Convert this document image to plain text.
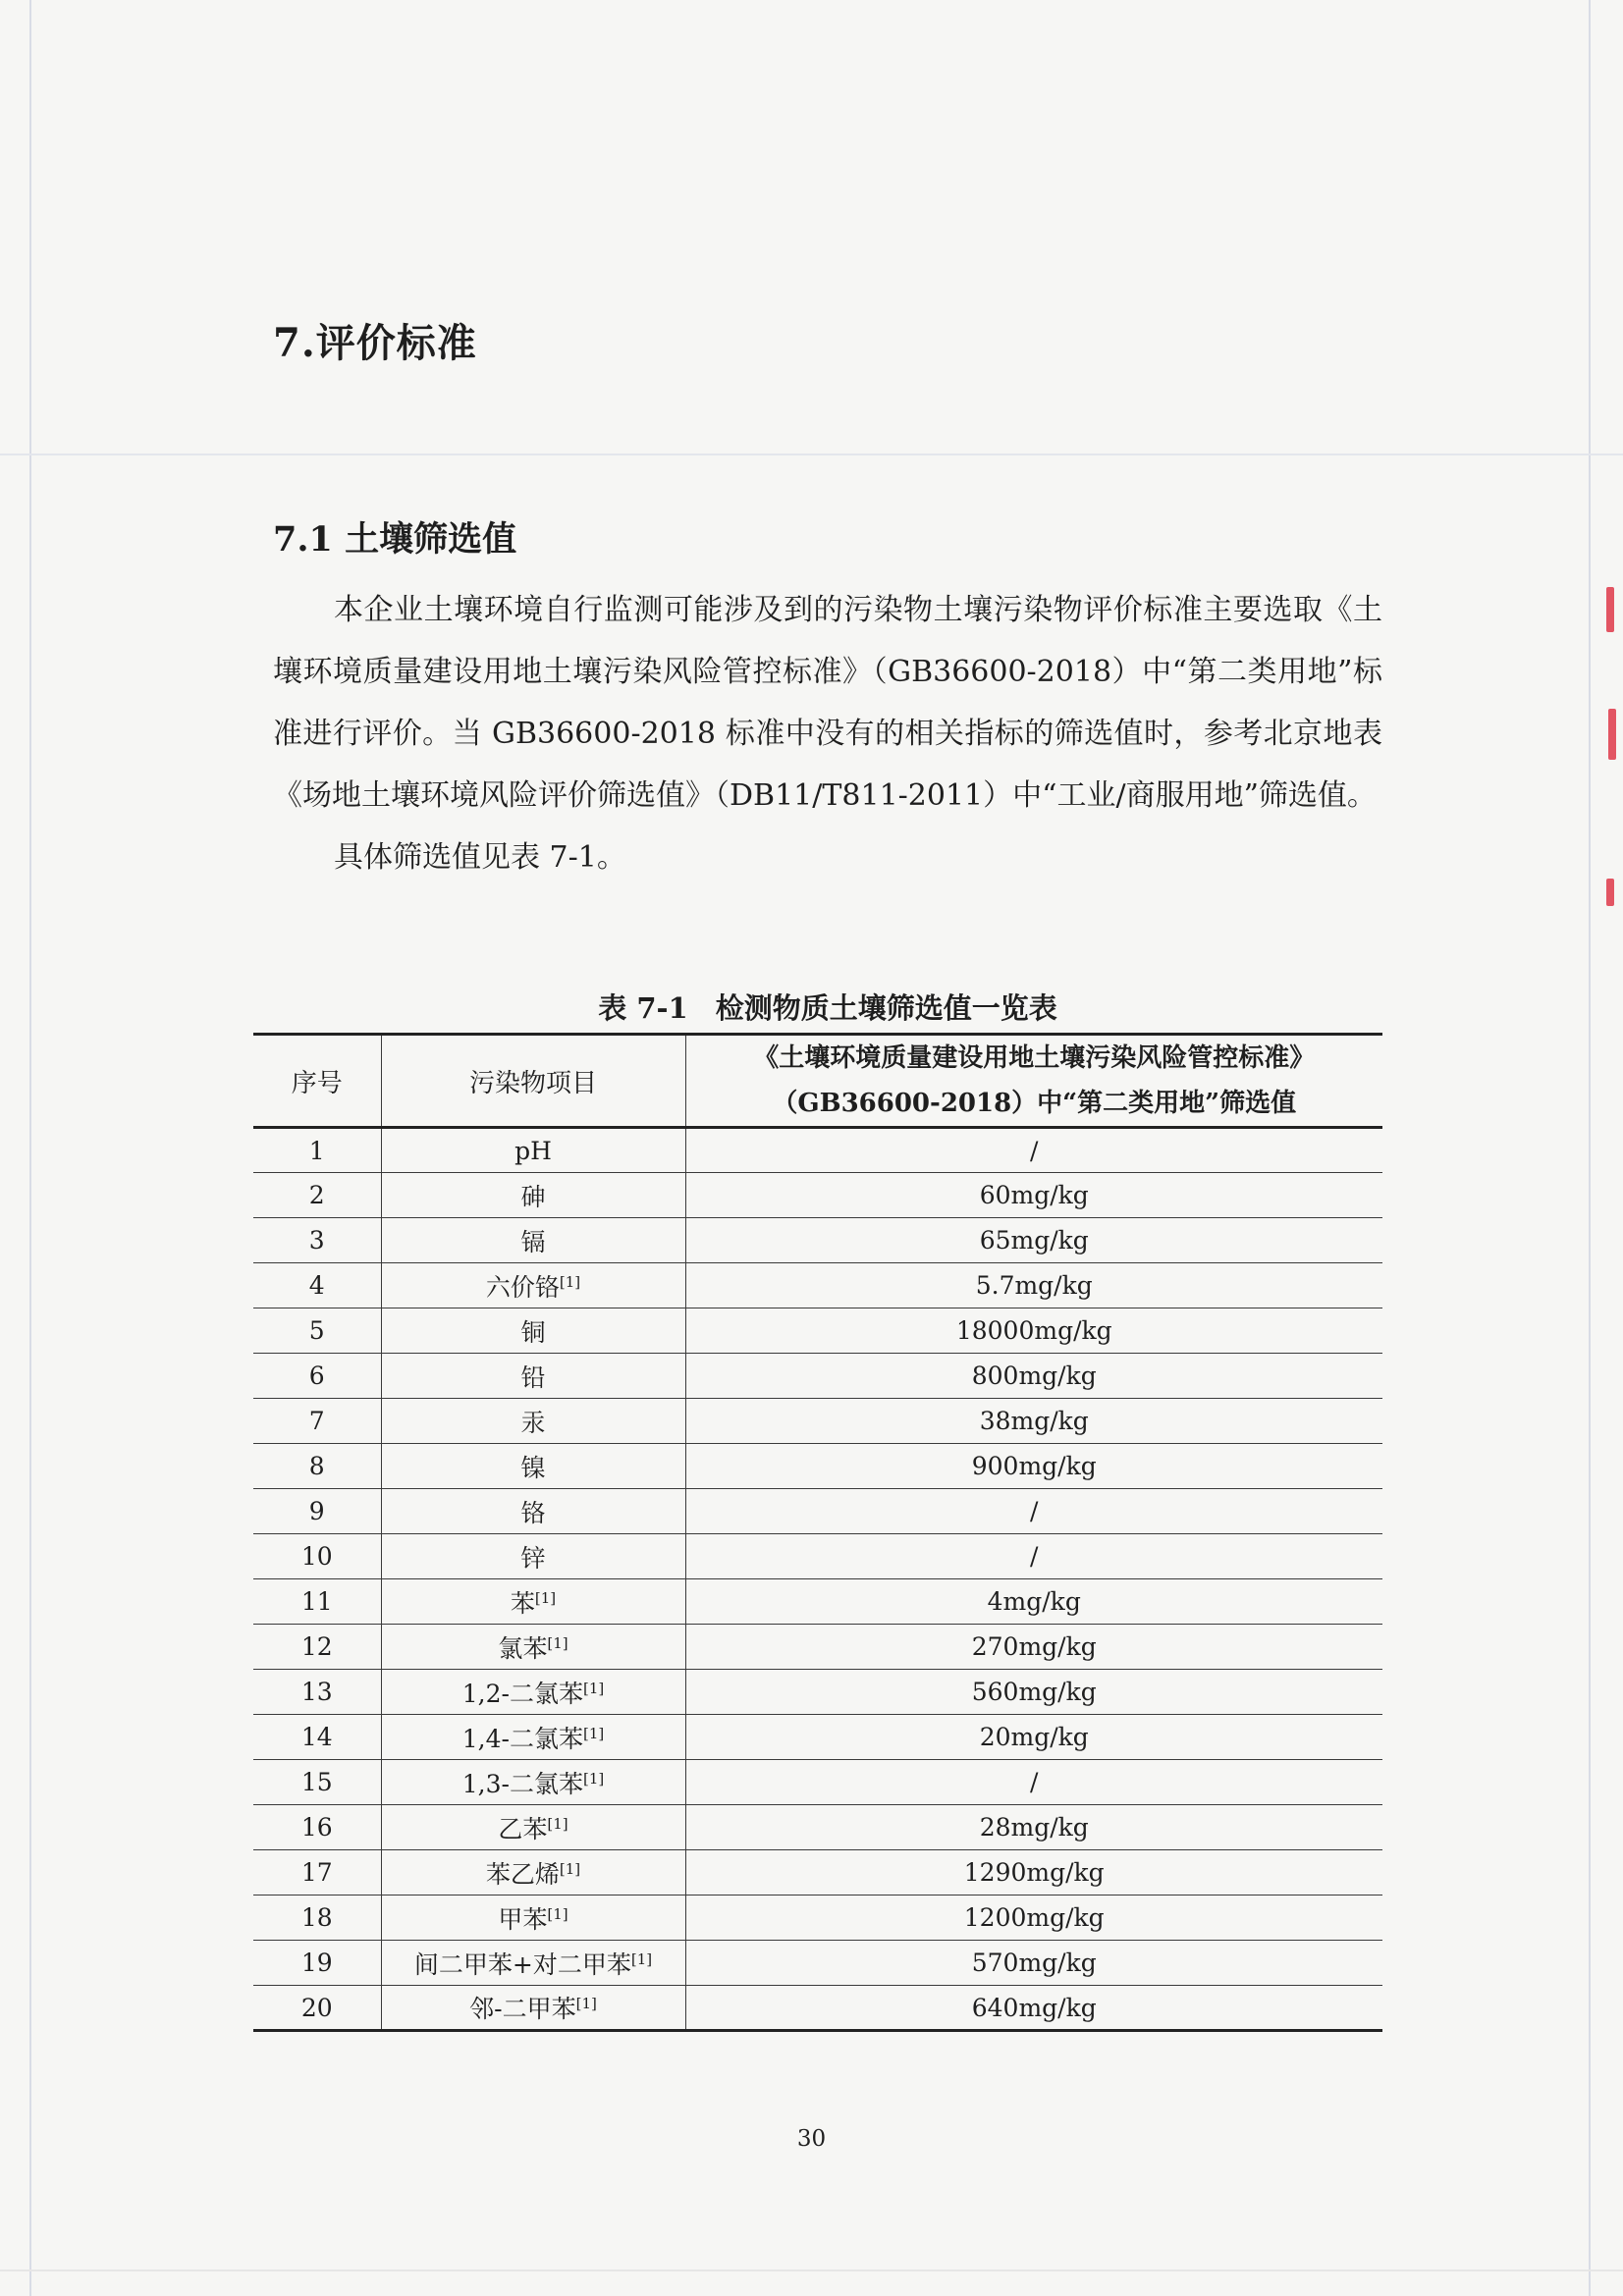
7.评价标准
7.1 土壤筛选值

本企业土壤环境自行监测可能涉及到的污染物土壤污染物评价标准主要选取《土壤环境质量建设用地土壤污染风险管控标准》（GB36600-2018）中“第二类用地”标准进行评价。当 GB36600-2018 标准中没有的相关指标的筛选值时，参考北京地表《场地土壤环境风险评价筛选值》（DB11/T811-2011）中“工业/商服用地”筛选值。

具体筛选值见表 7-1。

表 7-1 检测物质土壤筛选值一览表
序号	污染物项目	《土壤环境质量建设用地土壤污染风险管控标准》
（GB36600-2018）中“第二类用地”筛选值

1	pH	/
2	砷	60mg/kg
3	镉	65mg/kg
4	六价铬[1]	5.7mg/kg
5	铜	18000mg/kg
6	铅	800mg/kg
7	汞	38mg/kg
8	镍	900mg/kg
9	铬	/
10	锌	/
11	苯[1]	4mg/kg
12	氯苯[1]	270mg/kg
13	1,2-二氯苯[1]	560mg/kg
14	1,4-二氯苯[1]	20mg/kg
15	1,3-二氯苯[1]	/
16	乙苯[1]	28mg/kg
17	苯乙烯[1]	1290mg/kg
18	甲苯[1]	1200mg/kg
19	间二甲苯+对二甲苯[1]	570mg/kg
20	邻-二甲苯[1]	640mg/kg
30
